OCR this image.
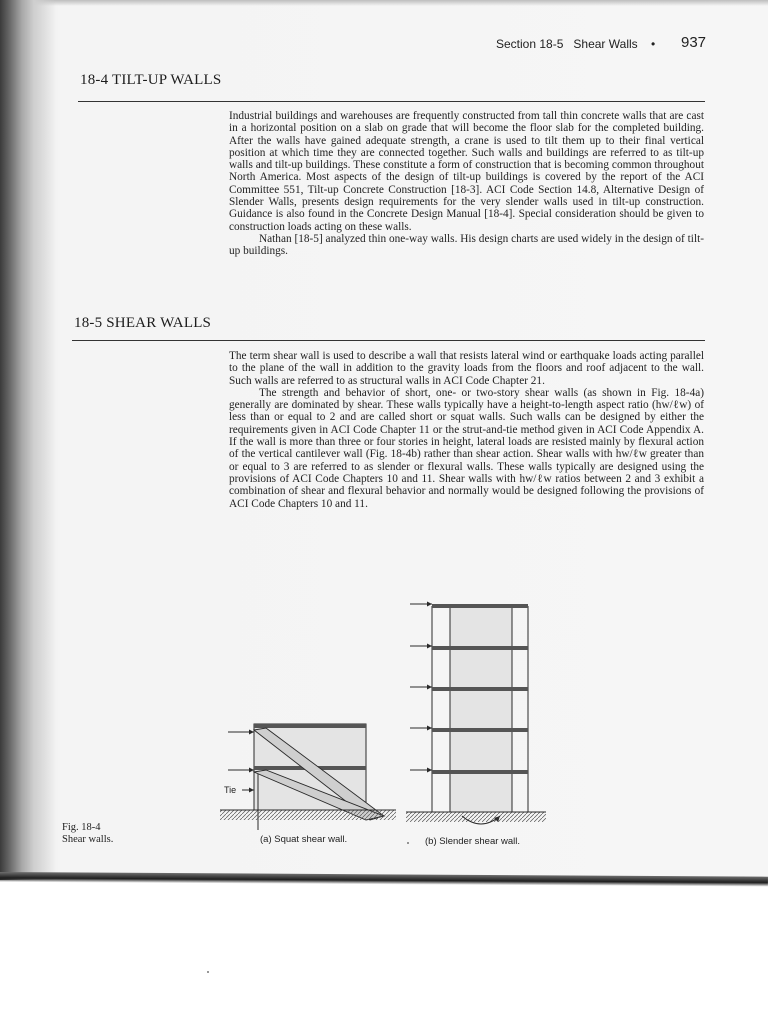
Section 18-5 Shear Walls •	937
18-4 TILT-UP WALLS

Industrial buildings and warehouses are frequently constructed from tall thin concrete walls that are cast in a horizontal position on a slab on grade that will become the floor slab for the completed building. After the walls have gained adequate strength, a crane is used to tilt them up to their final vertical position at which time they are connected together. Such walls and buildings are referred to as tilt-up walls and tilt-up buildings. These constitute a form of construction that is becoming common throughout North America. Most aspects of the design of tilt-up buildings is covered by the report of the ACI Committee 551, Tilt-up Concrete Construction [18-3]. ACI Code Section 14.8, Alternative Design of Slender Walls, presents design requirements for the very slender walls used in tilt-up construction. Guidance is also found in the Concrete Design Manual [18-4]. Special consideration should be given to construction loads acting on these walls.

Nathan [18-5] analyzed thin one-way walls. His design charts are used widely in the design of tilt-up buildings.

18-5 SHEAR WALLS

The term shear wall is used to describe a wall that resists lateral wind or earthquake loads acting parallel to the plane of the wall in addition to the gravity loads from the floors and roof adjacent to the wall. Such walls are referred to as structural walls in ACI Code Chapter 21.

The strength and behavior of short, one- or two-story shear walls (as shown in Fig. 18-4a) generally are dominated by shear. These walls typically have a height-to-length aspect ratio (hw/ℓw) of less than or equal to 2 and are called short or squat walls. Such walls can be designed by either the requirements given in ACI Code Chapter 11 or the strut-and-tie method given in ACI Code Appendix A. If the wall is more than three or four stories in height, lateral loads are resisted mainly by flexural action of the vertical cantilever wall (Fig. 18-4b) rather than shear action. Shear walls with hw/ℓw greater than or equal to 3 are referred to as slender or flexural walls. These walls typically are designed using the provisions of ACI Code Chapters 10 and 11. Shear walls with hw/ℓw ratios between 2 and 3 exhibit a combination of shear and flexural behavior and normally would be designed following the provisions of ACI Code Chapters 10 and 11.

Fig. 18-4
Shear walls.
Tie
(a) Squat shear wall.	(b) Slender shear wall.
